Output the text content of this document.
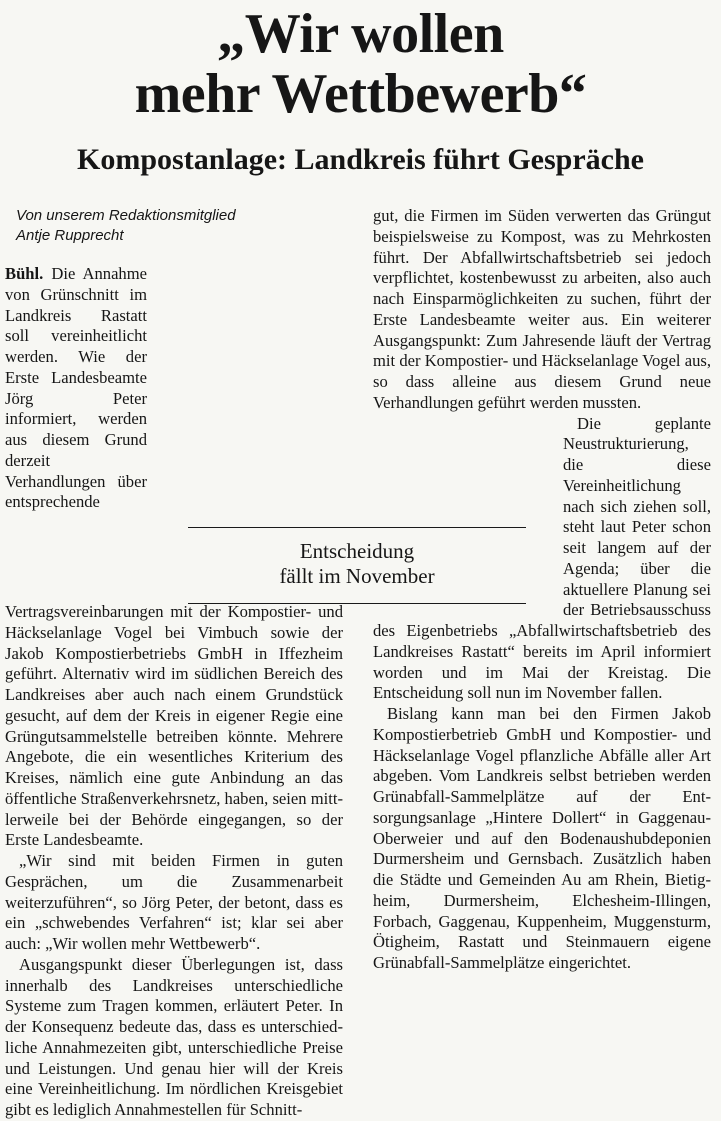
„Wir wollen
mehr Wettbewerb“
Kompostanlage: Landkreis führt Gespräche
Von unserem Redaktionsmitglied
Antje Rupprecht

Bühl. Die Annahme von Grünschnitt im Landkreis Rastatt soll vereinheitlicht werden. Wie der Erste Landesbeamte Jörg Peter informiert, werden aus diesem Grund derzeit Verhandlungen über entsprechende Vertragsvereinbarungen mit der Kompostier- und Häckselanlage Vogel bei Vimbuch sowie der Jakob Kompostierbetriebs GmbH in Iffezheim geführt. Alternativ wird im südlichen Bereich des Landkreises aber auch nach einem Grundstück gesucht, auf dem der Kreis in eigener Regie eine Grüngutsammelstelle betreiben könnte. Mehrere Angebote, die ein wesentliches Kriterium des Kreises, nämlich eine gute Anbindung an das öffentliche Straßenverkehrsnetz, haben, seien mittlerweile bei der Behörde eingegangen, so der Erste Landesbeamte.

„Wir sind mit beiden Firmen in guten Gesprächen, um die Zusammenarbeit weiterzuführen“, so Jörg Peter, der betont, dass es ein „schwebendes Verfahren“ ist; klar sei aber auch: „Wir wollen mehr Wettbewerb“.

Ausgangspunkt dieser Überlegungen ist, dass innerhalb des Landkreises unterschiedliche Systeme zum Tragen kommen, erläutert Peter. In der Konsequenz bedeute das, dass es unterschiedliche Annahmezeiten gibt, unterschiedliche Preise und Leistungen. Und genau hier will der Kreis eine Vereinheitlichung. Im nördlichen Kreisgebiet gibt es lediglich Annahmestellen für Schnitt-

gut, die Firmen im Süden verwerten das Grüngut beispielsweise zu Kompost, was zu Mehrkosten führt. Der Abfallwirtschaftsbetrieb sei jedoch verpflichtet, kostenbewusst zu arbeiten, also auch nach Einsparmöglichkeiten zu suchen, führt der Erste Landesbeamte weiter aus. Ein weiterer Ausgangspunkt: Zum Jahresende läuft der Vertrag mit der Kompostier- und Häckselanlage Vogel aus, so dass alleine aus diesem Grund neue Verhandlungen geführt werden mussten.

Die geplante Neustrukturierung, die diese Vereinheitlichung nach sich ziehen soll, steht laut Peter schon seit langem auf der Agenda; über die aktuellere Planung sei der Betriebsausschuss des Eigenbetriebs „Abfallwirtschaftsbetrieb des Landkreises Rastatt“ bereits im April informiert worden und im Mai der Kreistag. Die Entscheidung soll nun im November fallen.

Bislang kann man bei den Firmen Jakob Kompostierbetrieb GmbH und Kompostier- und Häckselanlage Vogel pflanzliche Abfälle aller Art abgeben. Vom Landkreis selbst betrieben werden Grünabfall-Sammelplätze auf der Entsorgungsanlage „Hintere Dollert“ in Gaggenau-Oberweier und auf den Bodenaushubdeponien Durmersheim und Gernsbach. Zusätzlich haben die Städte und Gemeinden Au am Rhein, Bietigheim, Durmersheim, Elchesheim-Illingen, Forbach, Gaggenau, Kuppenheim, Muggensturm, Ötigheim, Rastatt und Steinmauern eigene Grünabfall-Sammelplätze eingerichtet.

Entscheidung
fällt im November
